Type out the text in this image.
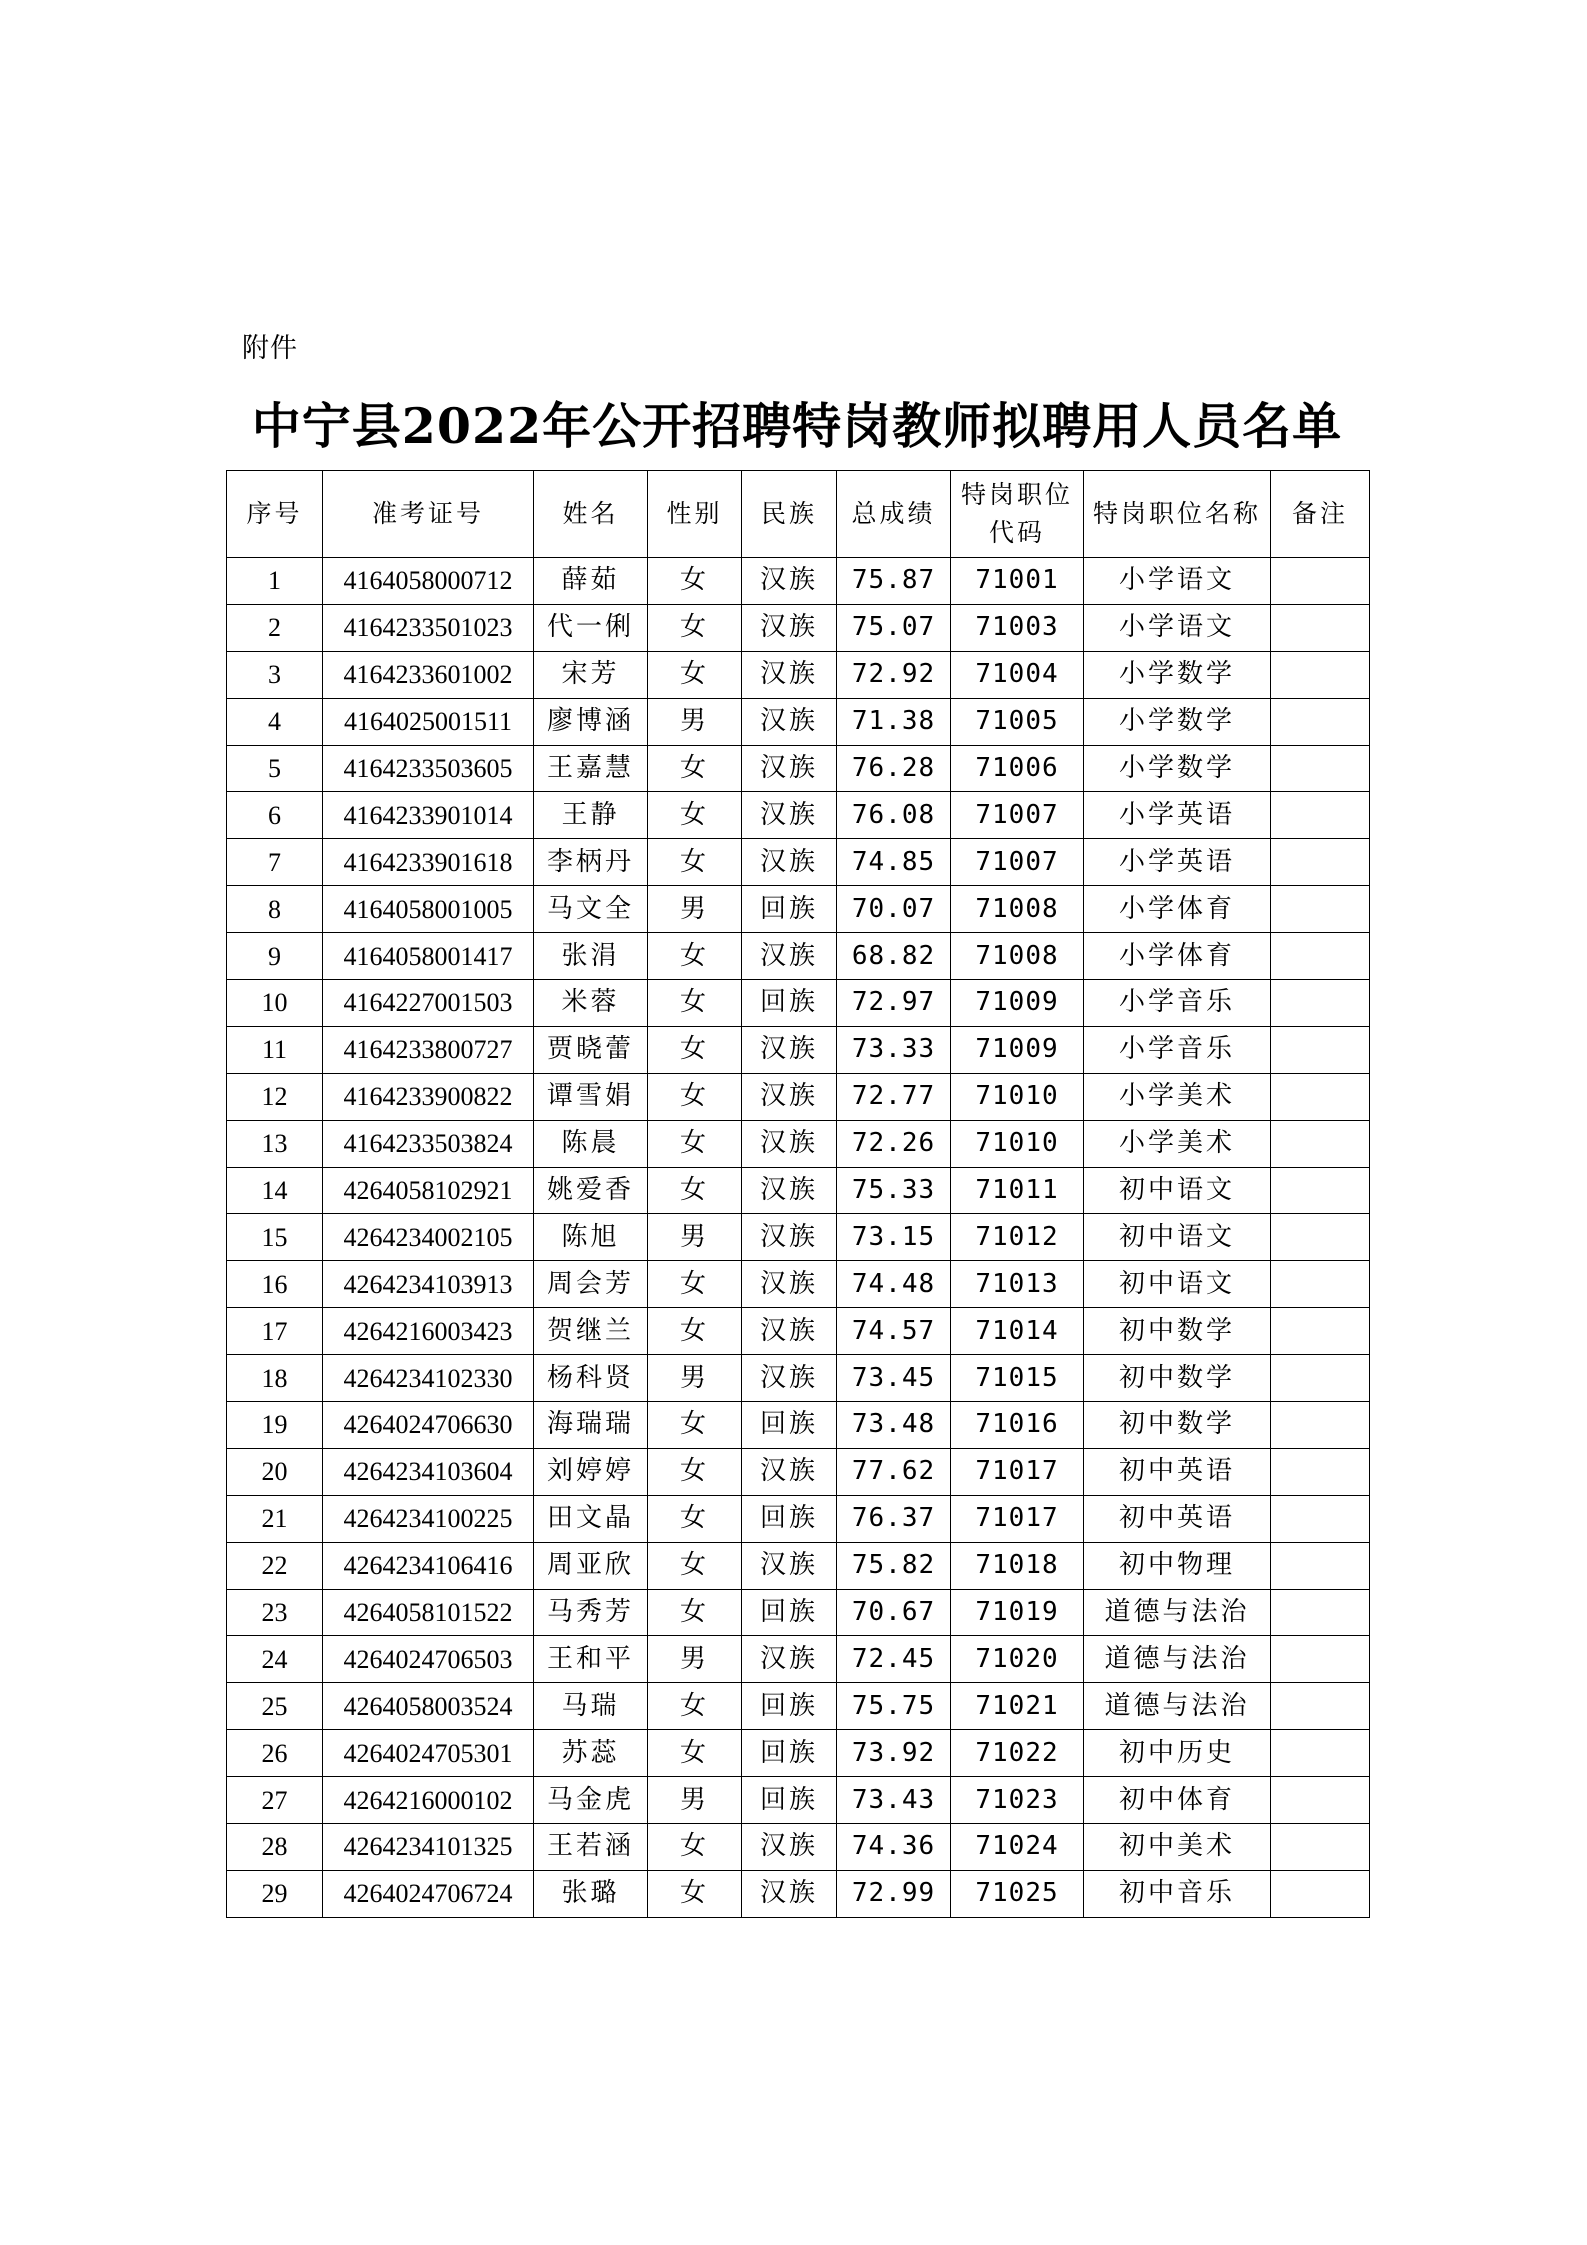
附件
中宁县2022年公开招聘特岗教师拟聘用人员名单
序号	准考证号	姓名	性别	民族	总成绩	特岗职位代码	特岗职位名称	备注
1	4164058000712	薛茹	女	汉族	75.87	71001	小学语文	
2	4164233501023	代一俐	女	汉族	75.07	71003	小学语文	
3	4164233601002	宋芳	女	汉族	72.92	71004	小学数学	
4	4164025001511	廖博涵	男	汉族	71.38	71005	小学数学	
5	4164233503605	王嘉慧	女	汉族	76.28	71006	小学数学	
6	4164233901014	王静	女	汉族	76.08	71007	小学英语	
7	4164233901618	李柄丹	女	汉族	74.85	71007	小学英语	
8	4164058001005	马文全	男	回族	70.07	71008	小学体育	
9	4164058001417	张涓	女	汉族	68.82	71008	小学体育	
10	4164227001503	米蓉	女	回族	72.97	71009	小学音乐	
11	4164233800727	贾晓蕾	女	汉族	73.33	71009	小学音乐	
12	4164233900822	谭雪娟	女	汉族	72.77	71010	小学美术	
13	4164233503824	陈晨	女	汉族	72.26	71010	小学美术	
14	4264058102921	姚爱香	女	汉族	75.33	71011	初中语文	
15	4264234002105	陈旭	男	汉族	73.15	71012	初中语文	
16	4264234103913	周会芳	女	汉族	74.48	71013	初中语文	
17	4264216003423	贺继兰	女	汉族	74.57	71014	初中数学	
18	4264234102330	杨科贤	男	汉族	73.45	71015	初中数学	
19	4264024706630	海瑞瑞	女	回族	73.48	71016	初中数学	
20	4264234103604	刘婷婷	女	汉族	77.62	71017	初中英语	
21	4264234100225	田文晶	女	回族	76.37	71017	初中英语	
22	4264234106416	周亚欣	女	汉族	75.82	71018	初中物理	
23	4264058101522	马秀芳	女	回族	70.67	71019	道德与法治	
24	4264024706503	王和平	男	汉族	72.45	71020	道德与法治	
25	4264058003524	马瑞	女	回族	75.75	71021	道德与法治	
26	4264024705301	苏蕊	女	回族	73.92	71022	初中历史	
27	4264216000102	马金虎	男	回族	73.43	71023	初中体育	
28	4264234101325	王若涵	女	汉族	74.36	71024	初中美术	
29	4264024706724	张璐	女	汉族	72.99	71025	初中音乐	
